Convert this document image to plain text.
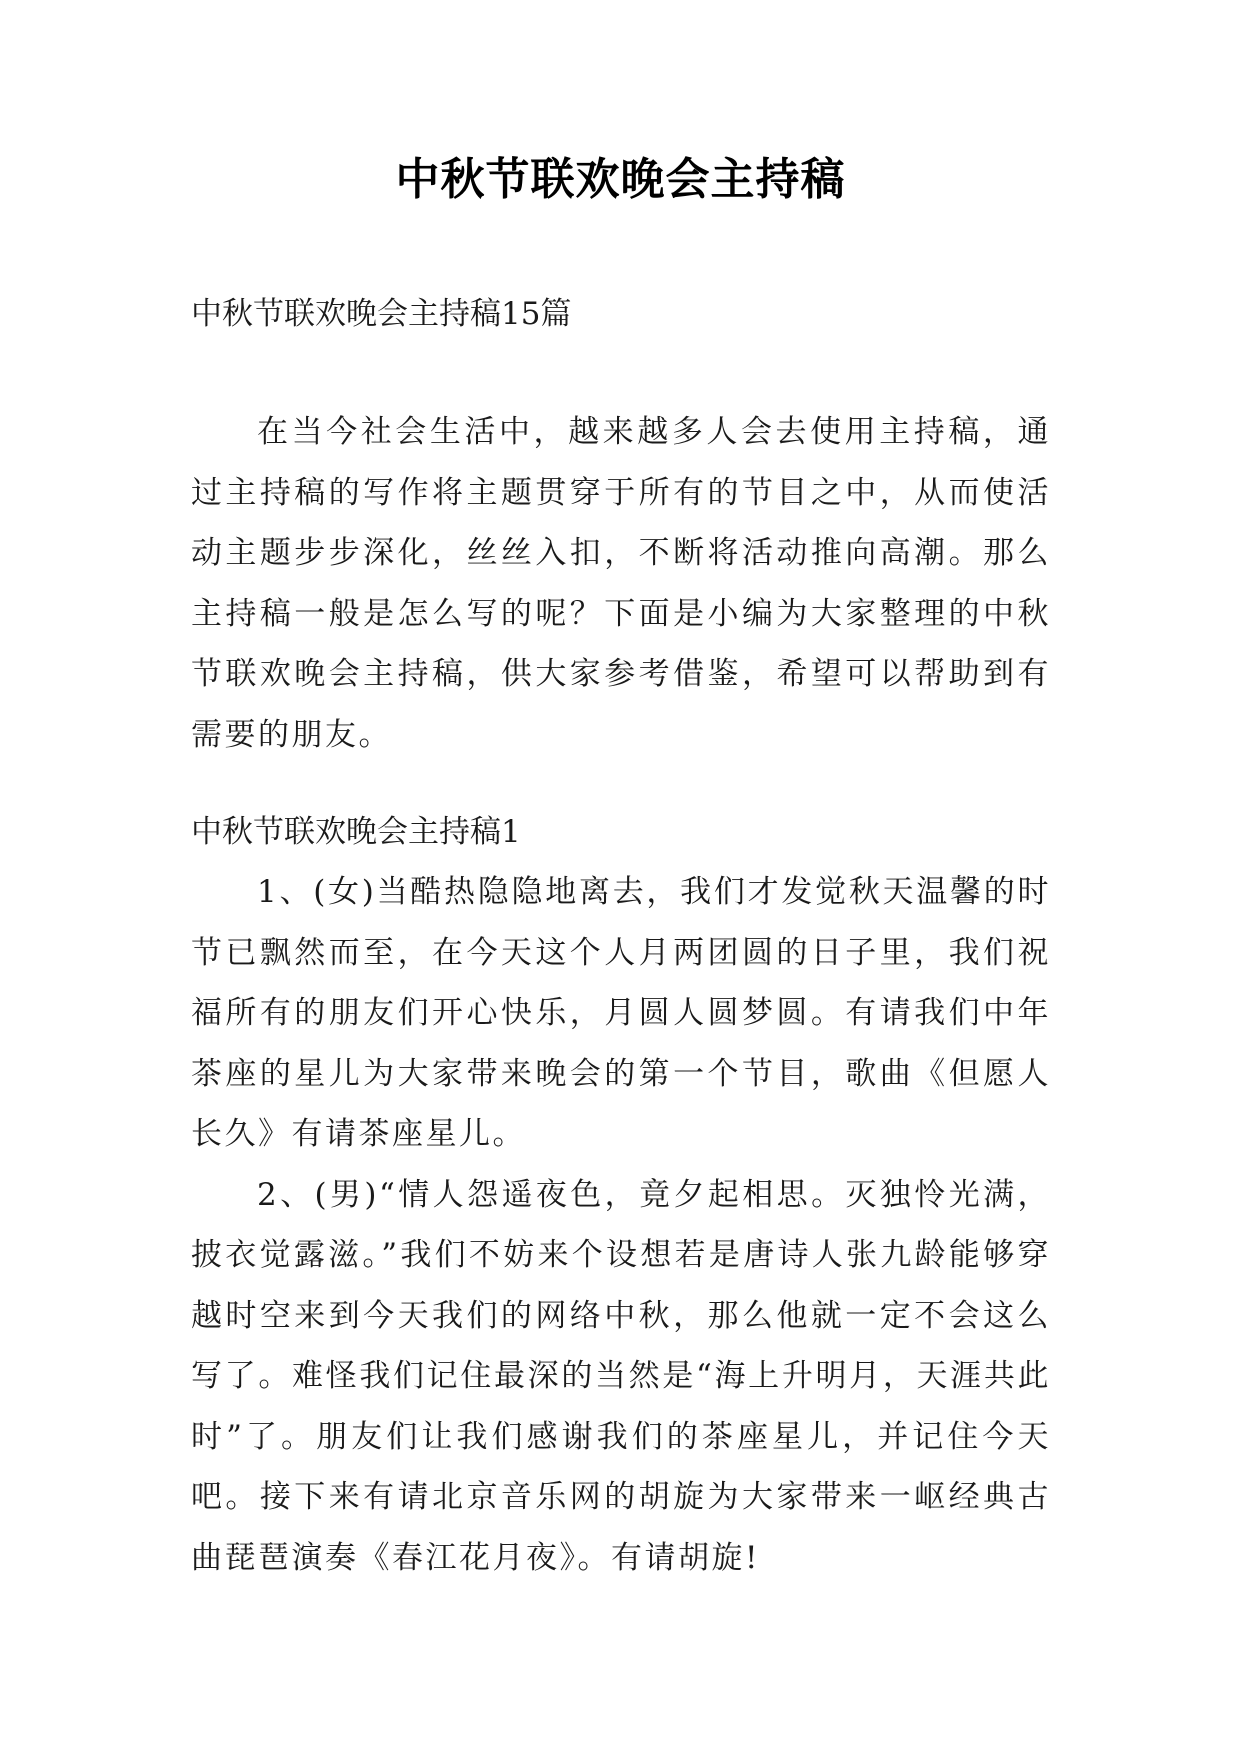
中秋节联欢晚会主持稿

中秋节联欢晚会主持稿15篇

在当今社会生活中，越来越多人会去使用主持稿，通过主持稿的写作将主题贯穿于所有的节目之中，从而使活动主题步步深化，丝丝入扣，不断将活动推向高潮。那么主持稿一般是怎么写的呢？下面是小编为大家整理的中秋节联欢晚会主持稿，供大家参考借鉴，希望可以帮助到有需要的朋友。

中秋节联欢晚会主持稿1

1、(女)当酷热隐隐地离去，我们才发觉秋天温馨的时节已飘然而至，在今天这个人月两团圆的日子里，我们祝福所有的朋友们开心快乐，月圆人圆梦圆。有请我们中年茶座的星儿为大家带来晚会的第一个节目，歌曲《但愿人长久》有请茶座星儿。

2、(男)“情人怨遥夜色，竟夕起相思。灭独怜光满，披衣觉露滋。”我们不妨来个设想若是唐诗人张九龄能够穿越时空来到今天我们的网络中秋，那么他就一定不会这么写了。难怪我们记住最深的当然是“海上升明月，天涯共此时”了。朋友们让我们感谢我们的茶座星儿，并记住今天吧。接下来有请北京音乐网的胡旋为大家带来一岖经典古曲琵琶演奏《春江花月夜》。有请胡旋!
